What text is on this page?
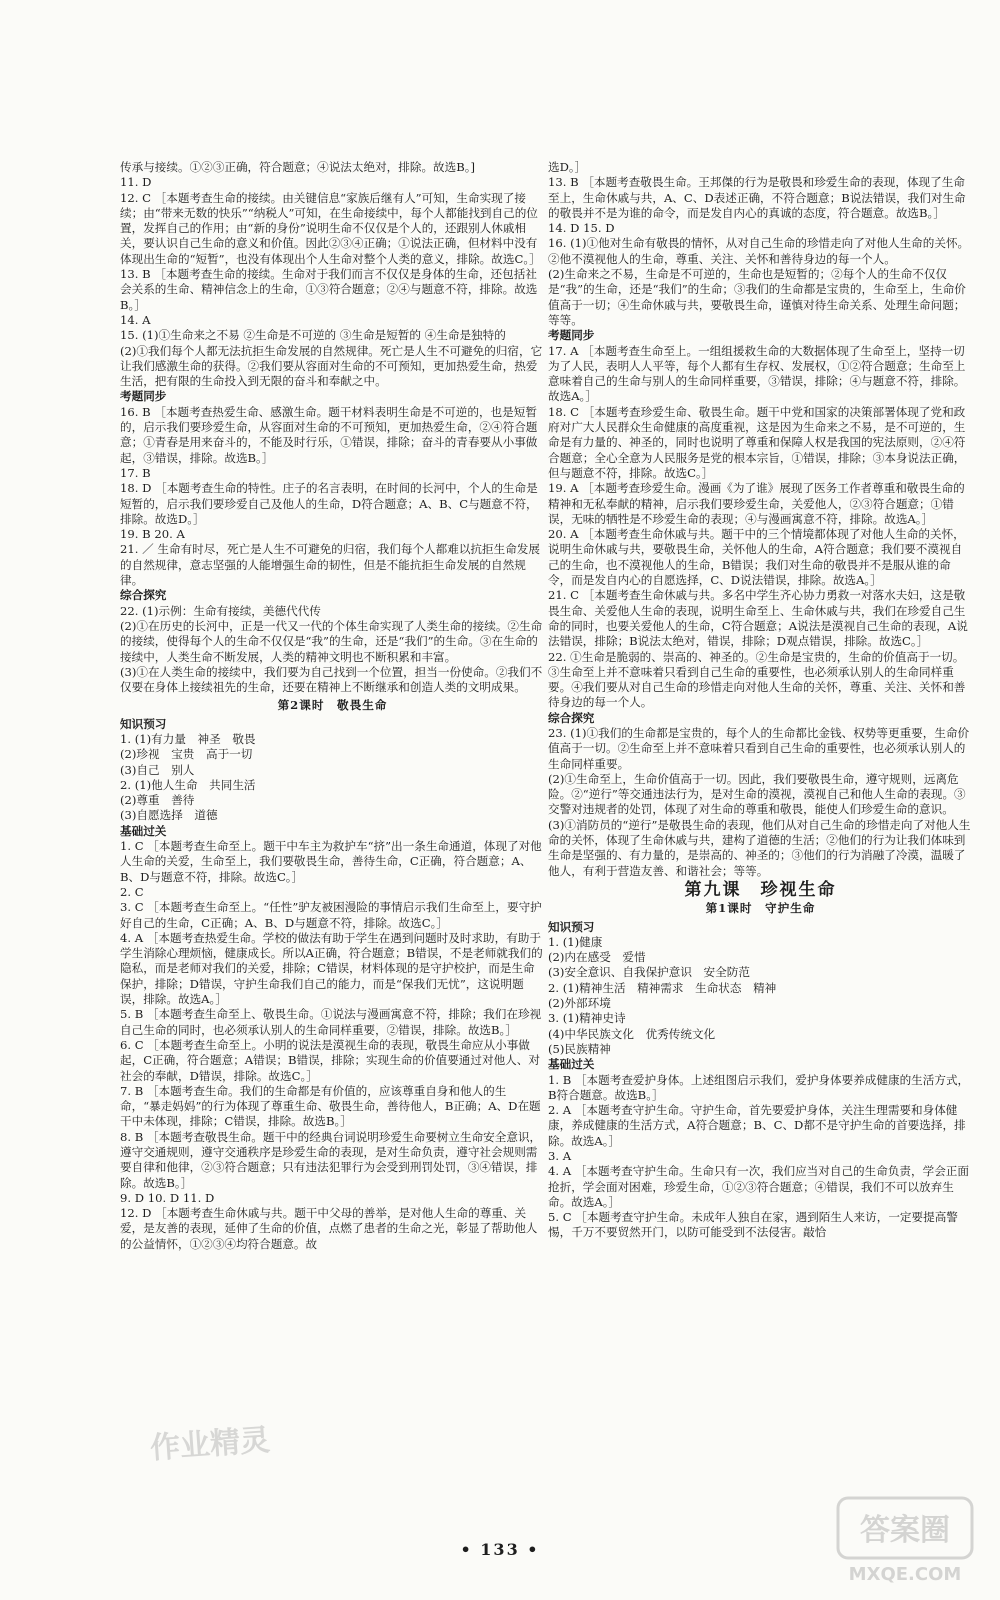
传承与接续。①②③正确，符合题意；④说法太绝对，排除。故选B。]
11. D
12. C ［本题考查生命的接续。由关键信息“家族后继有人”可知，生命实现了接续；由“带来无数的快乐”“纳税人”可知，在生命接续中，每个人都能找到自己的位置，发挥自己的作用；由“新的身份”说明生命不仅仅是个人的，还跟别人休戚相关，要认识自己生命的意义和价值。因此②③④正确；①说法正确，但材料中没有体现出生命的“短暂”，也没有体现出个人生命对整个人类的意义，排除。故选C。］
13. B ［本题考查生命的接续。生命对于我们而言不仅仅是身体的生命，还包括社会关系的生命、精神信念上的生命，①③符合题意；②④与题意不符，排除。故选B。］
14. A
15. (1)①生命来之不易 ②生命是不可逆的 ③生命是短暂的 ④生命是独特的
(2)①我们每个人都无法抗拒生命发展的自然规律。死亡是人生不可避免的归宿，它让我们感激生命的获得。②我们要从容面对生命的不可预知，更加热爱生命，热爱生活，把有限的生命投入到无限的奋斗和奉献之中。
考题同步
16. B ［本题考查热爱生命、感激生命。题干材料表明生命是不可逆的，也是短暂的，启示我们要珍爱生命，从容面对生命的不可预知，更加热爱生命，②④符合题意；①青春是用来奋斗的，不能及时行乐，①错误，排除；奋斗的青春要从小事做起，③错误，排除。故选B。］
17. B
18. D ［本题考查生命的特性。庄子的名言表明，在时间的长河中，个人的生命是短暂的，启示我们要珍爱自己及他人的生命，D符合题意；A、B、C与题意不符，排除。故选D。］
19. B 20. A
21. ／ 生命有时尽，死亡是人生不可避免的归宿，我们每个人都难以抗拒生命发展的自然规律，意志坚强的人能增强生命的韧性，但是不能抗拒生命发展的自然规律。
综合探究
22. (1)示例：生命有接续，美德代代传
(2)①在历史的长河中，正是一代又一代的个体生命实现了人类生命的接续。②生命的接续，使得每个人的生命不仅仅是“我”的生命，还是“我们”的生命。③在生命的接续中，人类生命不断发展，人类的精神文明也不断积累和丰富。
(3)①在人类生命的接续中，我们要为自己找到一个位置，担当一份使命。②我们不仅要在身体上接续祖先的生命，还要在精神上不断继承和创造人类的文明成果。
第2课时　敬畏生命
知识预习
1. (1)有力量　神圣　敬畏
(2)珍视　宝贵　高于一切
(3)自己　别人
2. (1)他人生命　共同生活
(2)尊重　善待
(3)自愿选择　道德
基础过关
1. C ［本题考查生命至上。题干中车主为救护车“挤”出一条生命通道，体现了对他人生命的关爱，生命至上，我们要敬畏生命，善待生命，C正确，符合题意；A、B、D与题意不符，排除。故选C。］
2. C
3. C ［本题考查生命至上。“任性”驴友被困漫险的事情启示我们生命至上，要守护好自己的生命，C正确；A、B、D与题意不符，排除。故选C。］
4. A ［本题考查热爱生命。学校的做法有助于学生在遇到问题时及时求助，有助于学生消除心理烦恼，健康成长。所以A正确，符合题意；B错误，不是老师就我们的隐私，而是老师对我们的关爱，排除；C错误，材料体现的是守护校护，而是生命保护，排除；D错误，守护生命我们自己的能力，而是“保我们无忧”，这说明题误，排除。故选A。］
5. B ［本题考查生命至上、敬畏生命。①说法与漫画寓意不符，排除；我们在珍视自己生命的同时，也必须承认别人的生命同样重要，②错误，排除。故选B。］
6. C ［本题考查生命至上。小明的说法是漠视生命的表现，敬畏生命应从小事做起，C正确，符合题意；A错误；B错误，排除；实现生命的价值要通过对他人、对社会的奉献，D错误，排除。故选C。］
7. B ［本题考查生命。我们的生命都是有价值的，应该尊重自身和他人的生命，“暴走妈妈”的行为体现了尊重生命、敬畏生命，善待他人，B正确；A、D在题干中未体现，排除；C错误，排除。故选B。］
8. B ［本题考查敬畏生命。题干中的经典台词说明珍爱生命要树立生命安全意识，遵守交通规则，遵守交通秩序是珍爱生命的表现，是对生命负责，遵守社会规则需要自律和他律，②③符合题意；只有违法犯罪行为会受到刑罚处罚，③④错误，排除。故选B。］
9. D 10. D 11. D
12. D ［本题考查生命休戚与共。题干中父母的善举，是对他人生命的尊重、关爱，是友善的表现，延伸了生命的价值，点燃了患者的生命之光，彰显了帮助他人的公益情怀，①②③④均符合题意。故
选D。］
13. B ［本题考查敬畏生命。王邦傑的行为是敬畏和珍爱生命的表现，体现了生命至上，生命休戚与共，A、C、D表述正确，不符合题意；B说法错误，我们对生命的敬畏并不是为谁的命令，而是发自内心的真诚的态度，符合题意。故选B。］
14. D 15. D
16. (1)①他对生命有敬畏的情怀，从对自己生命的珍惜走向了对他人生命的关怀。②他不漠视他人的生命，尊重、关注、关怀和善待身边的每一个人。
(2)生命来之不易，生命是不可逆的，生命也是短暂的；②每个人的生命不仅仅是“我”的生命，还是“我们”的生命；③我们的生命都是宝贵的，生命至上，生命价值高于一切；④生命休戚与共，要敬畏生命，谨慎对待生命关系、处理生命问题；等等。
考题同步
17. A ［本题考查生命至上。一组组援救生命的大数据体现了生命至上，坚持一切为了人民，表明人人平等，每个人都有生存权、发展权，①②符合题意；生命至上意味着自己的生命与别人的生命同样重要，③错误，排除；④与题意不符，排除。故选A。］
18. C ［本题考查珍爱生命、敬畏生命。题干中党和国家的决策部署体现了党和政府对广大人民群众生命健康的高度重视，这是因为生命来之不易，是不可逆的，生命是有力量的、神圣的，同时也说明了尊重和保障人权是我国的宪法原则，②④符合题意；全心全意为人民服务是党的根本宗旨，①错误，排除；③本身说法正确，但与题意不符，排除。故选C。］
19. A ［本题考查珍爱生命。漫画《为了谁》展现了医务工作者尊重和敬畏生命的精神和无私奉献的精神，启示我们要珍爱生命，关爱他人，②③符合题意；①错误，无味的牺牲是不珍爱生命的表现；④与漫画寓意不符，排除。故选A。］
20. A ［本题考查生命休戚与共。题干中的三个情境都体现了对他人生命的关怀，说明生命休戚与共，要敬畏生命，关怀他人的生命，A符合题意；我们要不漠视自己的生命，也不漠视他人的生命，B错误；我们对生命的敬畏并不是服从谁的命令，而是发自内心的自愿选择，C、D说法错误，排除。故选A。］
21. C ［本题考查生命休戚与共。多名中学生齐心协力勇救一对落水夫妇，这是敬畏生命、关爱他人生命的表现，说明生命至上、生命休戚与共，我们在珍爱自己生命的同时，也要关爱他人的生命，C符合题意；A说法是漠视自己生命的表现，A说法错误，排除；B说法太绝对，错误，排除；D观点错误，排除。故选C。］
22. ①生命是脆弱的、崇高的、神圣的。②生命是宝贵的，生命的价值高于一切。③生命至上并不意味着只看到自己生命的重要性，也必须承认别人的生命同样重要。④我们要从对自己生命的珍惜走向对他人生命的关怀，尊重、关注、关怀和善待身边的每一个人。
综合探究
23. (1)①我们的生命都是宝贵的，每个人的生命都比金钱、权势等更重要，生命价值高于一切。②生命至上并不意味着只看到自己生命的重要性，也必须承认别人的生命同样重要。
(2)①生命至上，生命价值高于一切。因此，我们要敬畏生命，遵守规则，远离危险。②“逆行”等交通违法行为，是对生命的漠视，漠视自己和他人生命的表现。③交警对违规者的处罚，体现了对生命的尊重和敬畏，能使人们珍爱生命的意识。
(3)①消防员的“逆行”是敬畏生命的表现，他们从对自己生命的珍惜走向了对他人生命的关怀，体现了生命休戚与共，建构了道德的生活；②他们的行为让我们体味到生命是坚强的、有力量的，是崇高的、神圣的；③他们的行为消融了冷漠，温暖了他人，有利于营造友善、和谐社会；等等。
第九课　珍视生命
第1课时　守护生命
知识预习
1. (1)健康
(2)内在感受　爱惜
(3)安全意识、自我保护意识　安全防范
2. (1)精神生活　精神需求　生命状态　精神
(2)外部环境
3. (1)精神史诗
(4)中华民族文化　优秀传统文化
(5)民族精神
基础过关
1. B ［本题考查爱护身体。上述组图启示我们，爱护身体要养成健康的生活方式，B符合题意。故选B。］
2. A ［本题考查守护生命。守护生命，首先要爱护身体，关注生理需要和身体健康，养成健康的生活方式，A符合题意；B、C、D都不是守护生命的首要选择，排除。故选A。］
3. A
4. A ［本题考查守护生命。生命只有一次，我们应当对自己的生命负责，学会正面抢折，学会面对困难，珍爱生命，①②③符合题意；④错误，我们不可以放弃生命。故选A。］
5. C ［本题考查守护生命。未成年人独自在家，遇到陌生人来访，一定要提高警惕，千万不要贸然开门，以防可能受到不法侵害。敲恰
• 133 •
作业精灵
答案圈
MXQE.COM
